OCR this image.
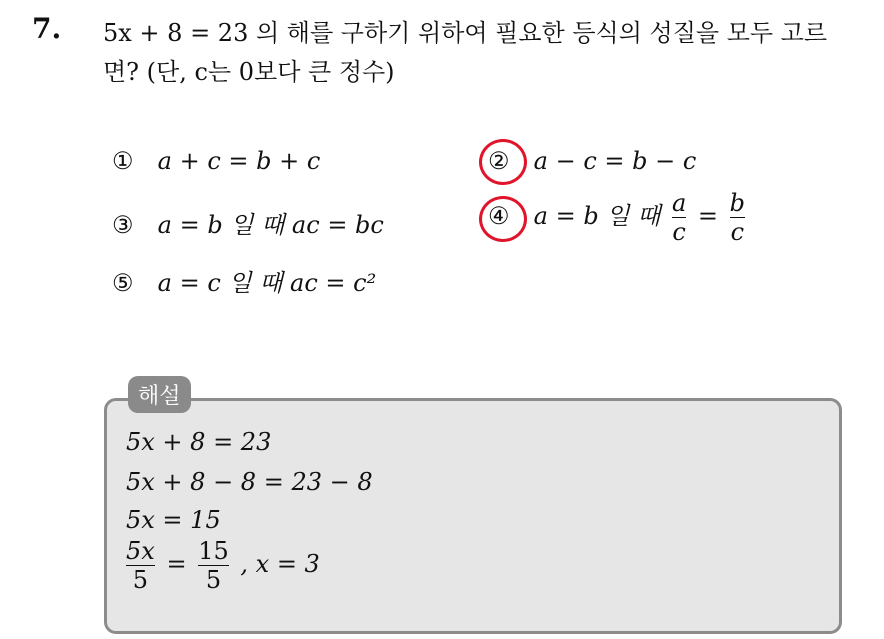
7. 5x + 8 = 23 의 해를 구하기 위하여 필요한 등식의 성질을 모두 고르
면? (단, c는 0보다 큰 정수)
① a + c = b + c	② a − c = b − c
③ a = b 일 때 ac = bc	④ a = b 일 때 $\frac{a}{c} = \frac{b}{c}$
⑤ a = c 일 때 ac = c²
해설
5x + 8 = 23
5x + 8 − 8 = 23 − 8
5x = 15
$\frac{5x}{5} = \frac{15}{5}$ , x = 3
